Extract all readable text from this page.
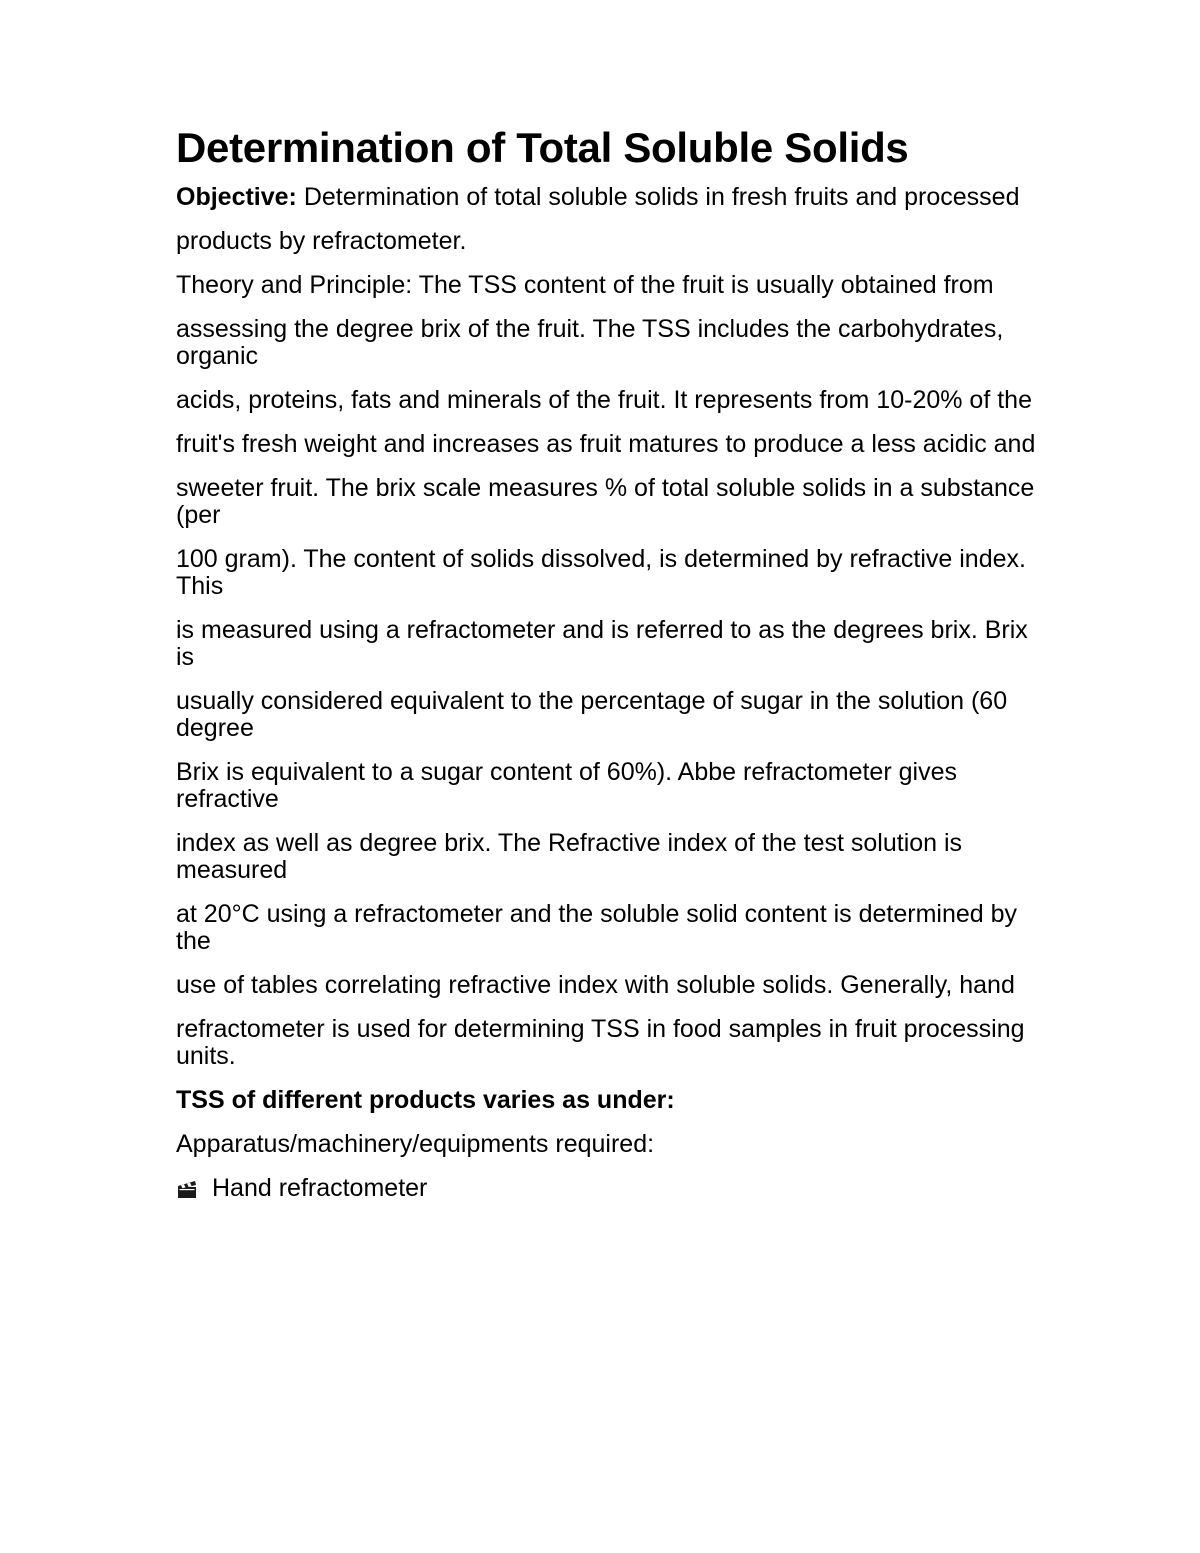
Determination of Total Soluble Solids

Objective: Determination of total soluble solids in fresh fruits and processed

products by refractometer.

Theory and Principle: The TSS content of the fruit is usually obtained from

assessing the degree brix of the fruit. The TSS includes the carbohydrates, organic

acids, proteins, fats and minerals of the fruit. It represents from 10-20% of the

fruit's fresh weight and increases as fruit matures to produce a less acidic and

sweeter fruit. The brix scale measures % of total soluble solids in a substance (per

100 gram). The content of solids dissolved, is determined by refractive index. This

is measured using a refractometer and is referred to as the degrees brix. Brix is

usually considered equivalent to the percentage of sugar in the solution (60 degree

Brix is equivalent to a sugar content of 60%). Abbe refractometer gives refractive

index as well as degree brix. The Refractive index of the test solution is measured

at 20°C using a refractometer and the soluble solid content is determined by the

use of tables correlating refractive index with soluble solids. Generally, hand

refractometer is used for determining TSS in food samples in fruit processing units.

TSS of different products varies as under:

Apparatus/machinery/equipments required:

Hand refractometer
